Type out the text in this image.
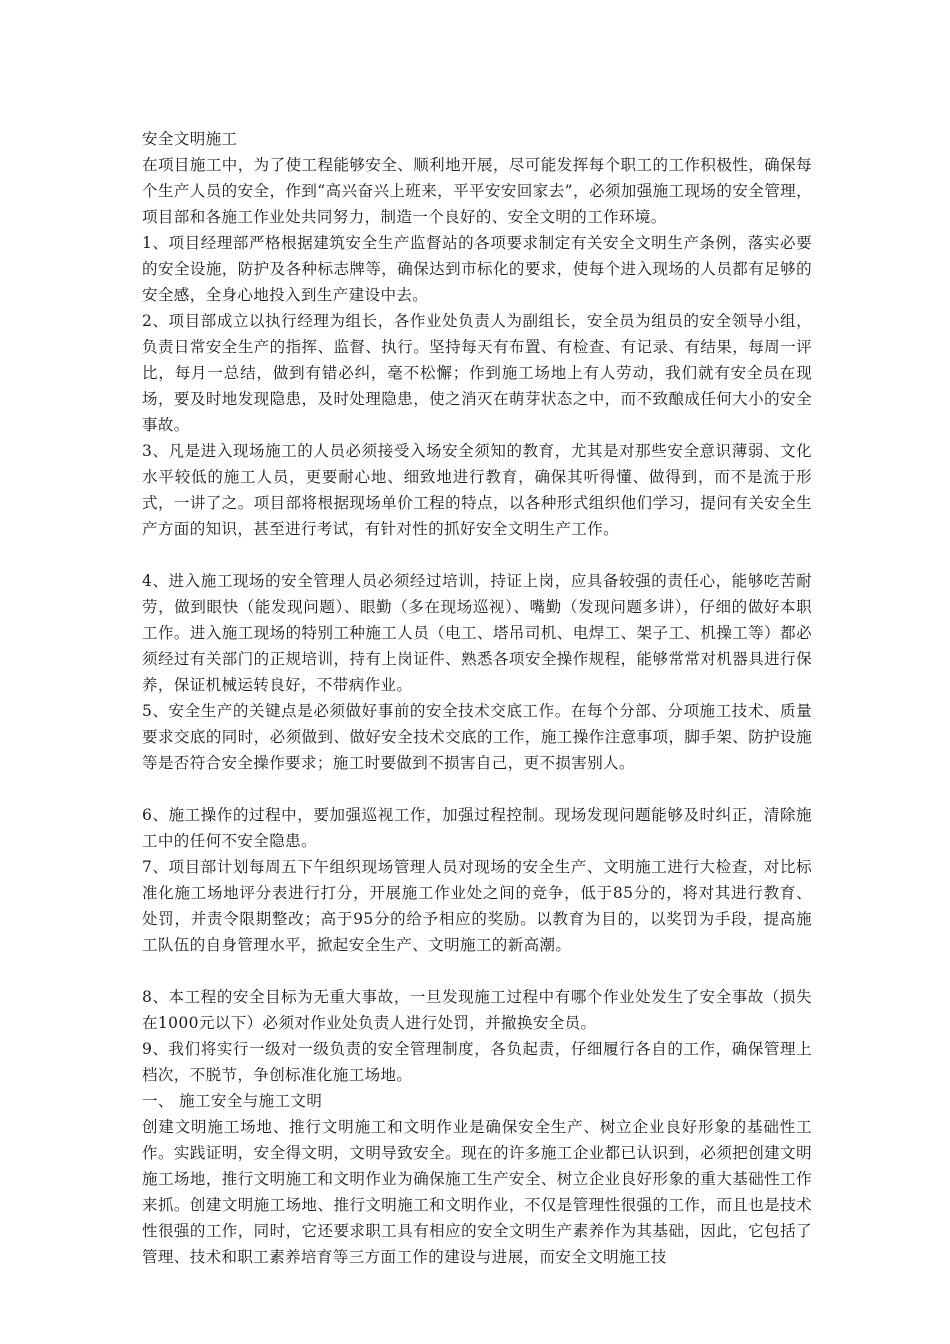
安全文明施工

在项目施工中，为了使工程能够安全、顺利地开展，尽可能发挥每个职工的工作积极性，确保每个生产人员的安全，作到“高兴奋兴上班来，平平安安回家去”，必须加强施工现场的安全管理，项目部和各施工作业处共同努力，制造一个良好的、安全文明的工作环境。

1、项目经理部严格根据建筑安全生产监督站的各项要求制定有关安全文明生产条例，落实必要的安全设施，防护及各种标志牌等，确保达到市标化的要求，使每个进入现场的人员都有足够的安全感，全身心地投入到生产建设中去。

2、项目部成立以执行经理为组长，各作业处负责人为副组长，安全员为组员的安全领导小组，负责日常安全生产的指挥、监督、执行。坚持每天有布置、有检查、有记录、有结果，每周一评比，每月一总结，做到有错必纠，毫不松懈；作到施工场地上有人劳动，我们就有安全员在现场，要及时地发现隐患，及时处理隐患，使之消灭在萌芽状态之中，而不致酿成任何大小的安全事故。

3、凡是进入现场施工的人员必须接受入场安全须知的教育，尤其是对那些安全意识薄弱、文化水平较低的施工人员，更要耐心地、细致地进行教育，确保其听得懂、做得到，而不是流于形式，一讲了之。项目部将根据现场单价工程的特点，以各种形式组织他们学习，提问有关安全生产方面的知识，甚至进行考试，有针对性的抓好安全文明生产工作。

4、进入施工现场的安全管理人员必须经过培训，持证上岗，应具备较强的责任心，能够吃苦耐劳，做到眼快（能发现问题）、眼勤（多在现场巡视）、嘴勤（发现问题多讲），仔细的做好本职工作。进入施工现场的特别工种施工人员（电工、塔吊司机、电焊工、架子工、机操工等）都必须经过有关部门的正规培训，持有上岗证件、熟悉各项安全操作规程，能够常常对机器具进行保养，保证机械运转良好，不带病作业。

5、安全生产的关键点是必须做好事前的安全技术交底工作。在每个分部、分项施工技术、质量要求交底的同时，必须做到、做好安全技术交底的工作，施工操作注意事项，脚手架、防护设施等是否符合安全操作要求；施工时要做到不损害自己，更不损害别人。

6、施工操作的过程中，要加强巡视工作，加强过程控制。现场发现问题能够及时纠正，清除施工中的任何不安全隐患。

7、项目部计划每周五下午组织现场管理人员对现场的安全生产、文明施工进行大检查，对比标准化施工场地评分表进行打分，开展施工作业处之间的竞争，低于85分的，将对其进行教育、处罚，并责令限期整改；高于95分的给予相应的奖励。以教育为目的，以奖罚为手段，提高施工队伍的自身管理水平，掀起安全生产、文明施工的新高潮。

8、本工程的安全目标为无重大事故，一旦发现施工过程中有哪个作业处发生了安全事故（损失在1000元以下）必须对作业处负责人进行处罚，并撤换安全员。

9、我们将实行一级对一级负责的安全管理制度，各负起责，仔细履行各自的工作，确保管理上档次，不脱节，争创标准化施工场地。

一、 施工安全与施工文明

创建文明施工场地、推行文明施工和文明作业是确保安全生产、树立企业良好形象的基础性工作。实践证明，安全得文明，文明导致安全。现在的许多施工企业都已认识到，必须把创建文明施工场地，推行文明施工和文明作业为确保施工生产安全、树立企业良好形象的重大基础性工作来抓。创建文明施工场地、推行文明施工和文明作业，不仅是管理性很强的工作，而且也是技术性很强的工作，同时，它还要求职工具有相应的安全文明生产素养作为其基础，因此，它包括了管理、技术和职工素养培育等三方面工作的建设与进展，而安全文明施工技
